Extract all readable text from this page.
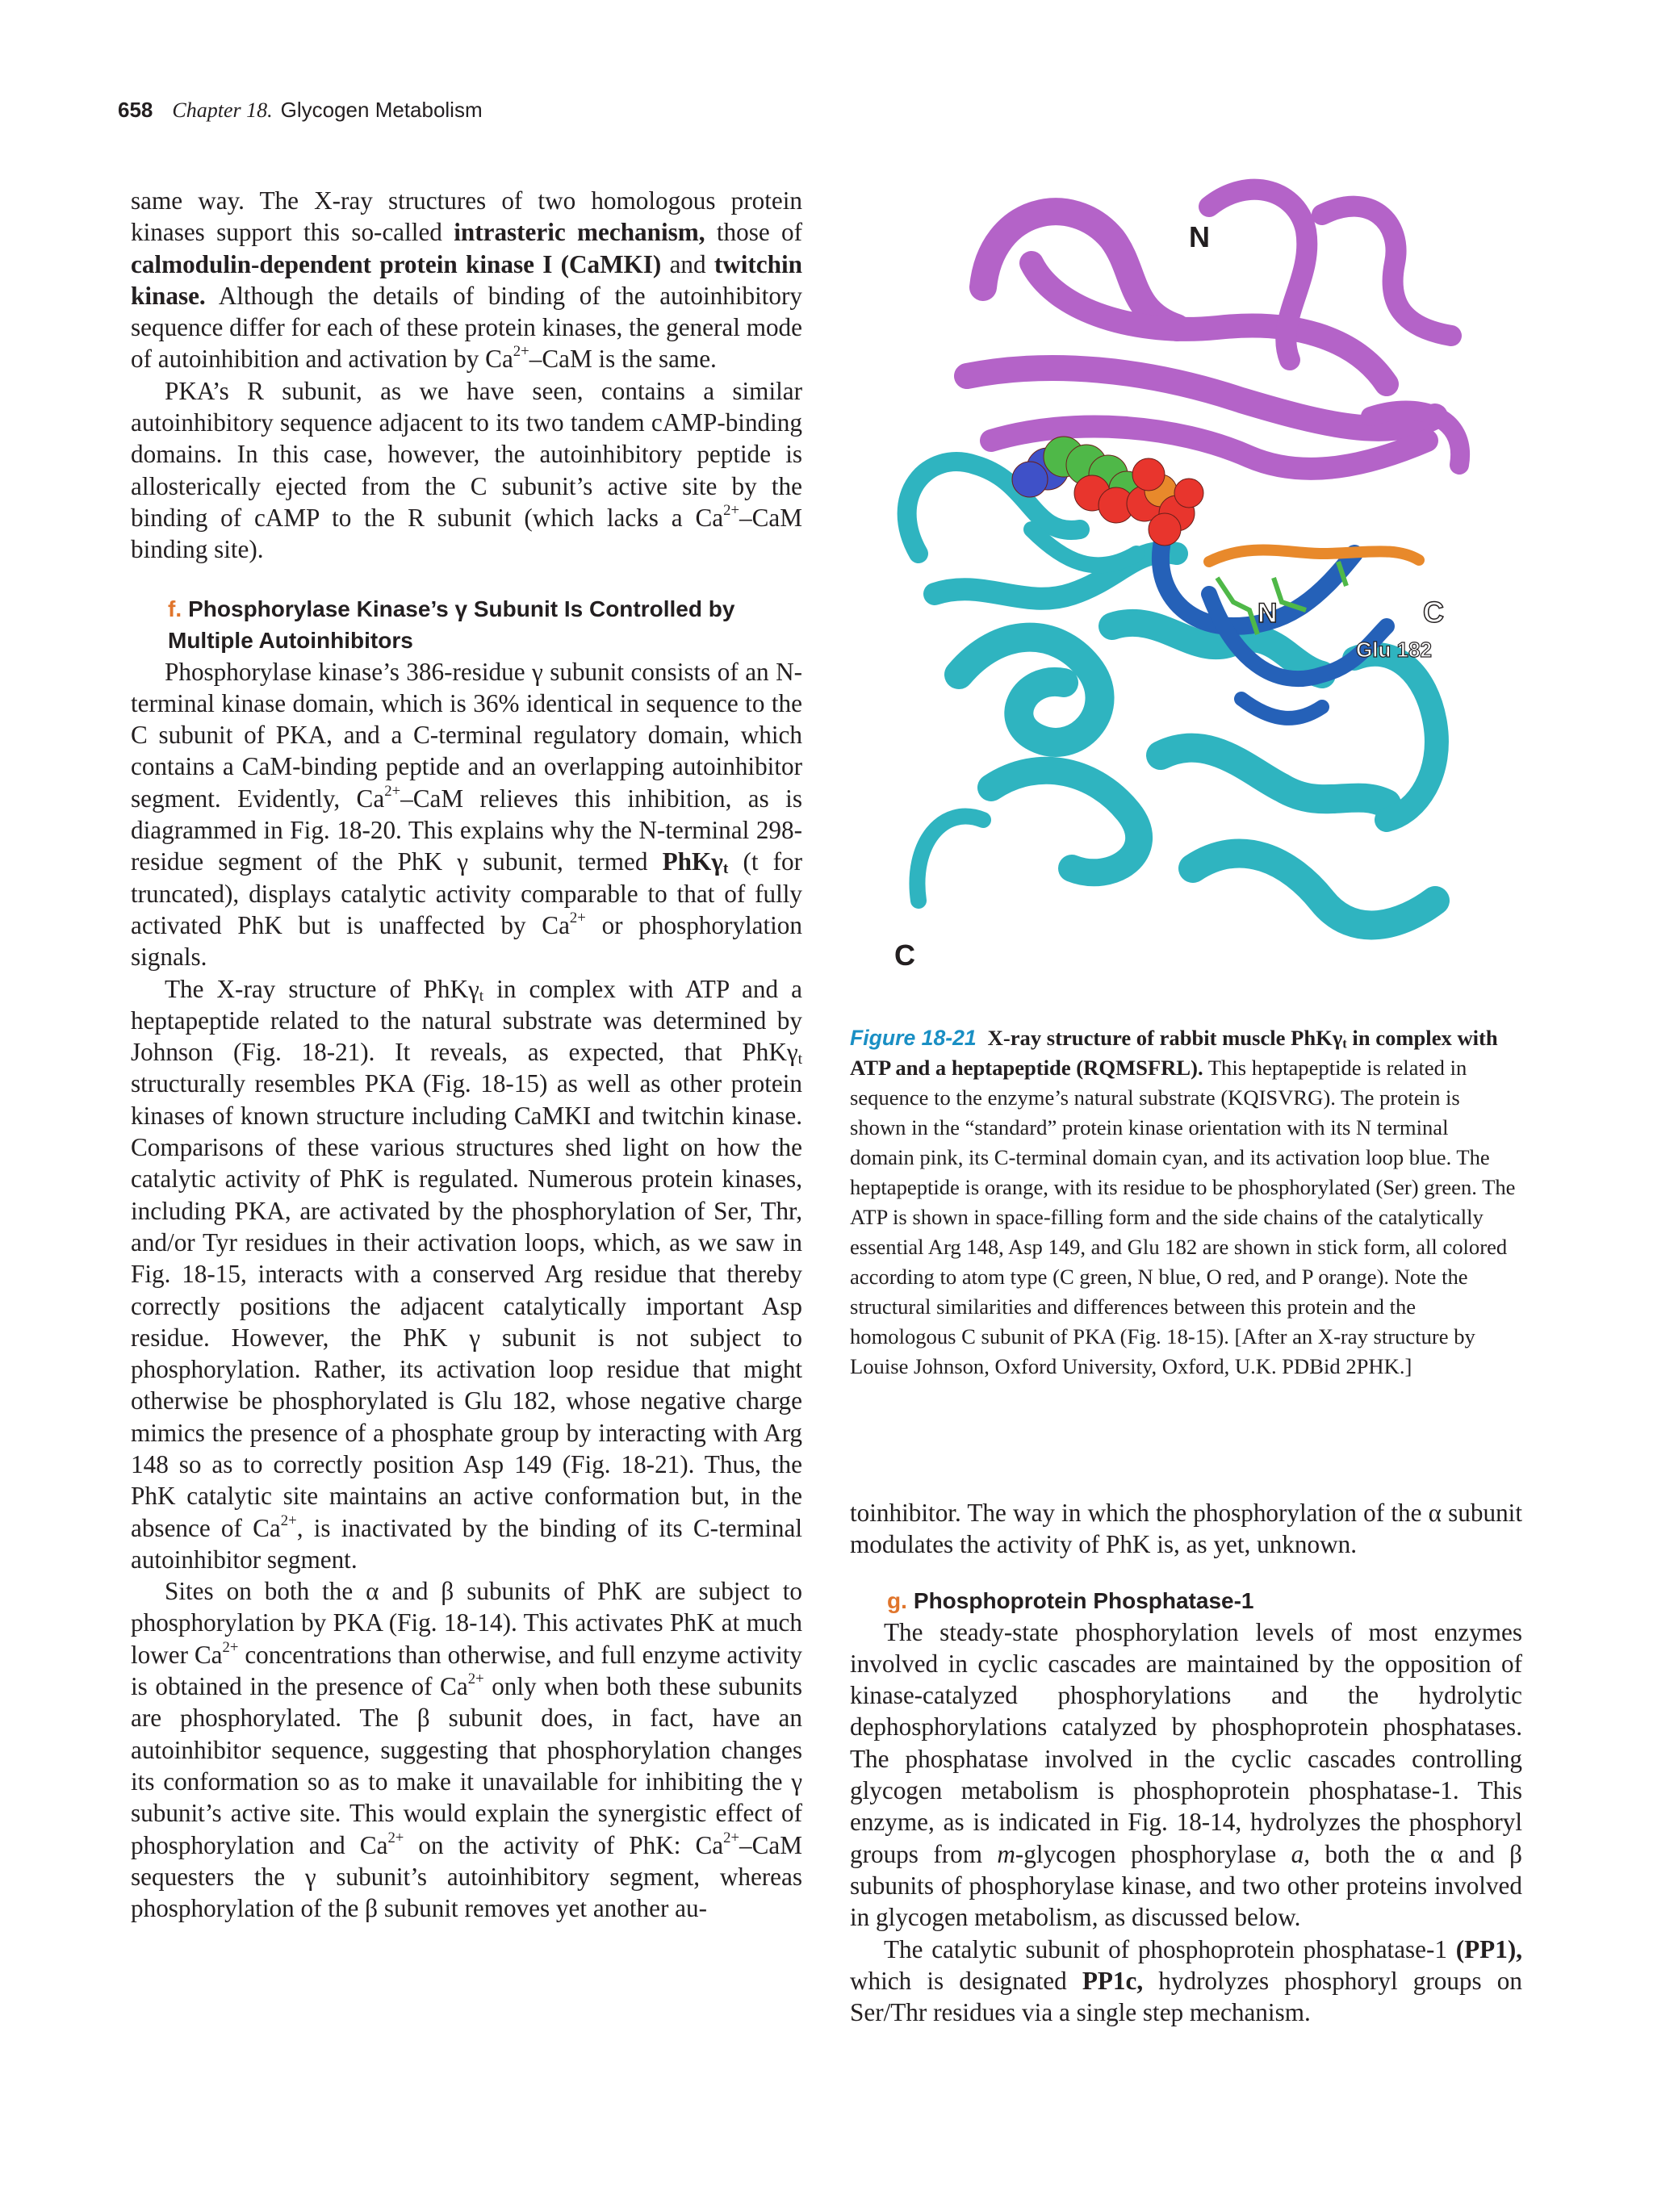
658 Chapter 18. Glycogen Metabolism

same way. The X-ray structures of two homologous protein kinases support this so-called intrasteric mechanism, those of calmodulin-dependent protein kinase I (CaMKI) and twitchin kinase. Although the details of binding of the autoinhibitory sequence differ for each of these protein kinases, the general mode of autoinhibition and activation by $Ca^{2+}$–CaM is the same.

PKA’s R subunit, as we have seen, contains a similar autoinhibitory sequence adjacent to its two tandem cAMP-binding domains. In this case, however, the autoinhibitory peptide is allosterically ejected from the C subunit’s active site by the binding of cAMP to the R subunit (which lacks a $Ca^{2+}$–CaM binding site).

f. Phosphorylase Kinase’s γ Subunit Is Controlled by Multiple Autoinhibitors

Phosphorylase kinase’s 386-residue γ subunit consists of an N-terminal kinase domain, which is 36% identical in sequence to the C subunit of PKA, and a C-terminal regulatory domain, which contains a CaM-binding peptide and an overlapping autoinhibitor segment. Evidently, $Ca^{2+}$–CaM relieves this inhibition, as is diagrammed in Fig. 18-20. This explains why the N-terminal 298-residue segment of the PhK γ subunit, termed PhKγ$_t$ (t for truncated), displays catalytic activity comparable to that of fully activated PhK but is unaffected by $Ca^{2+}$ or phosphorylation signals.

The X-ray structure of PhKγ$_t$ in complex with ATP and a heptapeptide related to the natural substrate was determined by Johnson (Fig. 18-21). It reveals, as expected, that PhKγ$_t$ structurally resembles PKA (Fig. 18-15) as well as other protein kinases of known structure including CaMKI and twitchin kinase. Comparisons of these various structures shed light on how the catalytic activity of PhK is regulated. Numerous protein kinases, including PKA, are activated by the phosphorylation of Ser, Thr, and/or Tyr residues in their activation loops, which, as we saw in Fig. 18-15, interacts with a conserved Arg residue that thereby correctly positions the adjacent catalytically important Asp residue. However, the PhK γ subunit is not subject to phosphorylation. Rather, its activation loop residue that might otherwise be phosphorylated is Glu 182, whose negative charge mimics the presence of a phosphate group by interacting with Arg 148 so as to correctly position Asp 149 (Fig. 18-21). Thus, the PhK catalytic site maintains an active conformation but, in the absence of $Ca^{2+}$, is inactivated by the binding of its C-terminal autoinhibitor segment.

Sites on both the α and β subunits of PhK are subject to phosphorylation by PKA (Fig. 18-14). This activates PhK at much lower $Ca^{2+}$ concentrations than otherwise, and full enzyme activity is obtained in the presence of $Ca^{2+}$ only when both these subunits are phosphorylated. The β subunit does, in fact, have an autoinhibitor sequence, suggesting that phosphorylation changes its conformation so as to make it unavailable for inhibiting the γ subunit’s active site. This would explain the synergistic effect of phosphorylation and $Ca^{2+}$ on the activity of PhK: $Ca^{2+}$–CaM sequesters the γ subunit’s autoinhibitory segment, whereas phosphorylation of the β subunit removes yet another au-

N
C
N	C
Glu 182
Figure 18-21 X-ray structure of rabbit muscle PhKγ$_t$ in complex with ATP and a heptapeptide (RQMSFRL). This heptapeptide is related in sequence to the enzyme’s natural substrate (KQISVRG). The protein is shown in the “standard” protein kinase orientation with its N terminal domain pink, its C-terminal domain cyan, and its activation loop blue. The heptapeptide is orange, with its residue to be phosphorylated (Ser) green. The ATP is shown in space-filling form and the side chains of the catalytically essential Arg 148, Asp 149, and Glu 182 are shown in stick form, all colored according to atom type (C green, N blue, O red, and P orange). Note the structural similarities and differences between this protein and the homologous C subunit of PKA (Fig. 18-15). [After an X-ray structure by Louise Johnson, Oxford University, Oxford, U.K. PDBid 2PHK.]

toinhibitor. The way in which the phosphorylation of the α subunit modulates the activity of PhK is, as yet, unknown.

g. Phosphoprotein Phosphatase-1

The steady-state phosphorylation levels of most enzymes involved in cyclic cascades are maintained by the opposition of kinase-catalyzed phosphorylations and the hydrolytic dephosphorylations catalyzed by phosphoprotein phosphatases. The phosphatase involved in the cyclic cascades controlling glycogen metabolism is phosphoprotein phosphatase-1. This enzyme, as is indicated in Fig. 18-14, hydrolyzes the phosphoryl groups from m-glycogen phosphorylase a, both the α and β subunits of phosphorylase kinase, and two other proteins involved in glycogen metabolism, as discussed below.

The catalytic subunit of phosphoprotein phosphatase-1 (PP1), which is designated PP1c, hydrolyzes phosphoryl groups on Ser/Thr residues via a single step mechanism.
